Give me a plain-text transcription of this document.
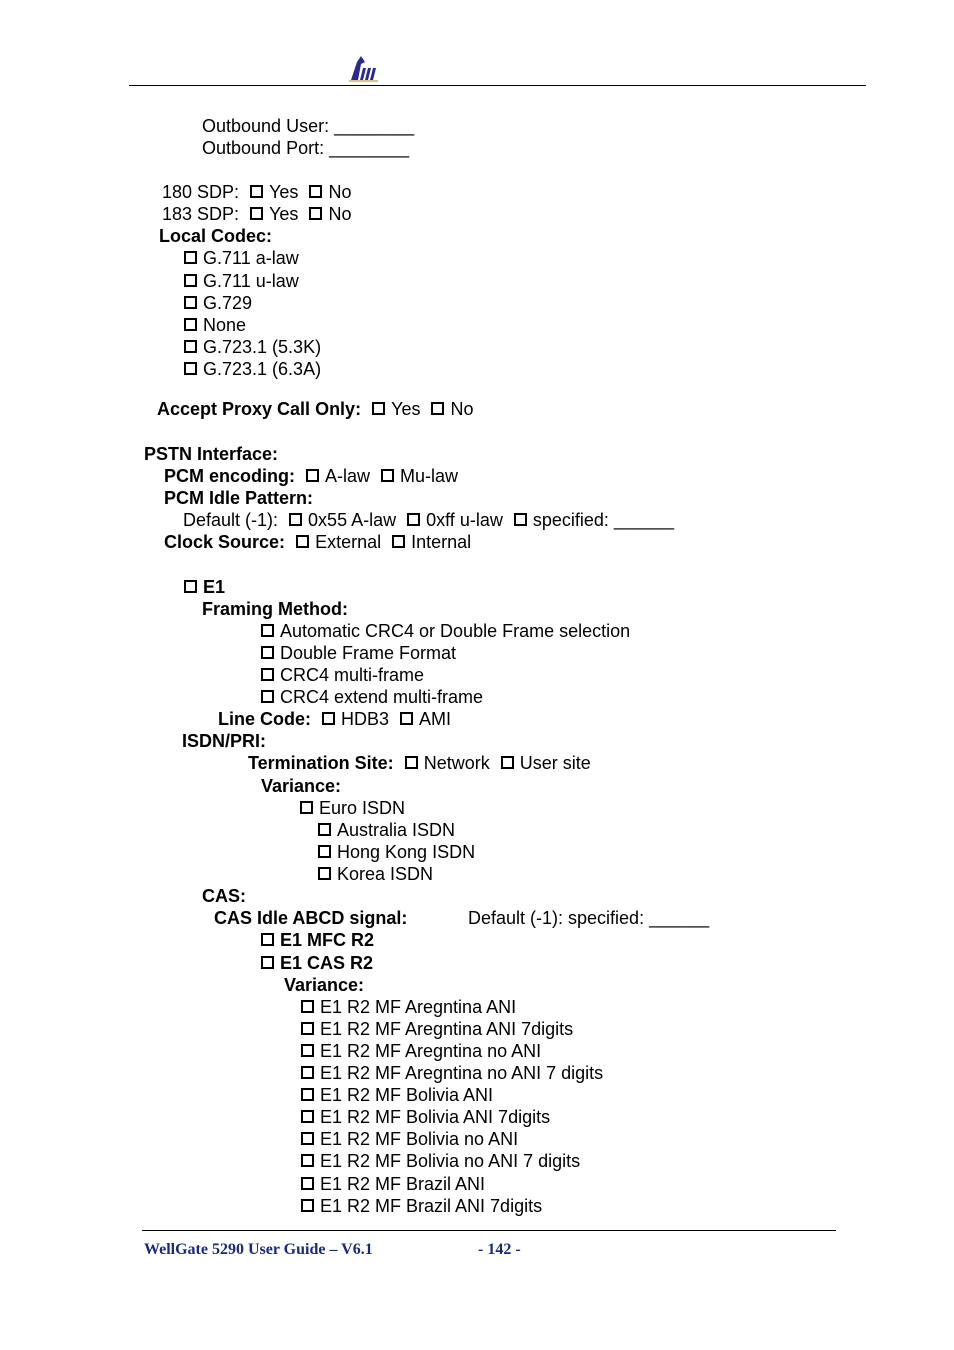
Outbound User: ________
Outbound Port: ________
180 SDP: Yes No
183 SDP: Yes No
Local Codec:
G.711 a-law
G.711 u-law
G.729
None
G.723.1 (5.3K)
G.723.1 (6.3A)
Accept Proxy Call Only: Yes No
PSTN Interface:
PCM encoding: A-law Mu-law
PCM Idle Pattern:
Default (-1): 0x55 A-law 0xff u-law specified: ______
Clock Source: External Internal
E1
Framing Method:
Automatic CRC4 or Double Frame selection
Double Frame Format
CRC4 multi-frame
CRC4 extend multi-frame
Line Code: HDB3 AMI
ISDN/PRI:
Termination Site: Network User site
Variance:
Euro ISDN
Australia ISDN
Hong Kong ISDN
Korea ISDN
CAS:
CAS Idle ABCD signal:	Default (-1): specified: ______
E1 MFC R2
E1 CAS R2
Variance:
E1 R2 MF Aregntina ANI
E1 R2 MF Aregntina ANI 7digits
E1 R2 MF Aregntina no ANI
E1 R2 MF Aregntina no ANI 7 digits
E1 R2 MF Bolivia ANI
E1 R2 MF Bolivia ANI 7digits
E1 R2 MF Bolivia no ANI
E1 R2 MF Bolivia no ANI 7 digits
E1 R2 MF Brazil ANI
E1 R2 MF Brazil ANI 7digits
WellGate 5290 User Guide – V6.1	- 142 -
